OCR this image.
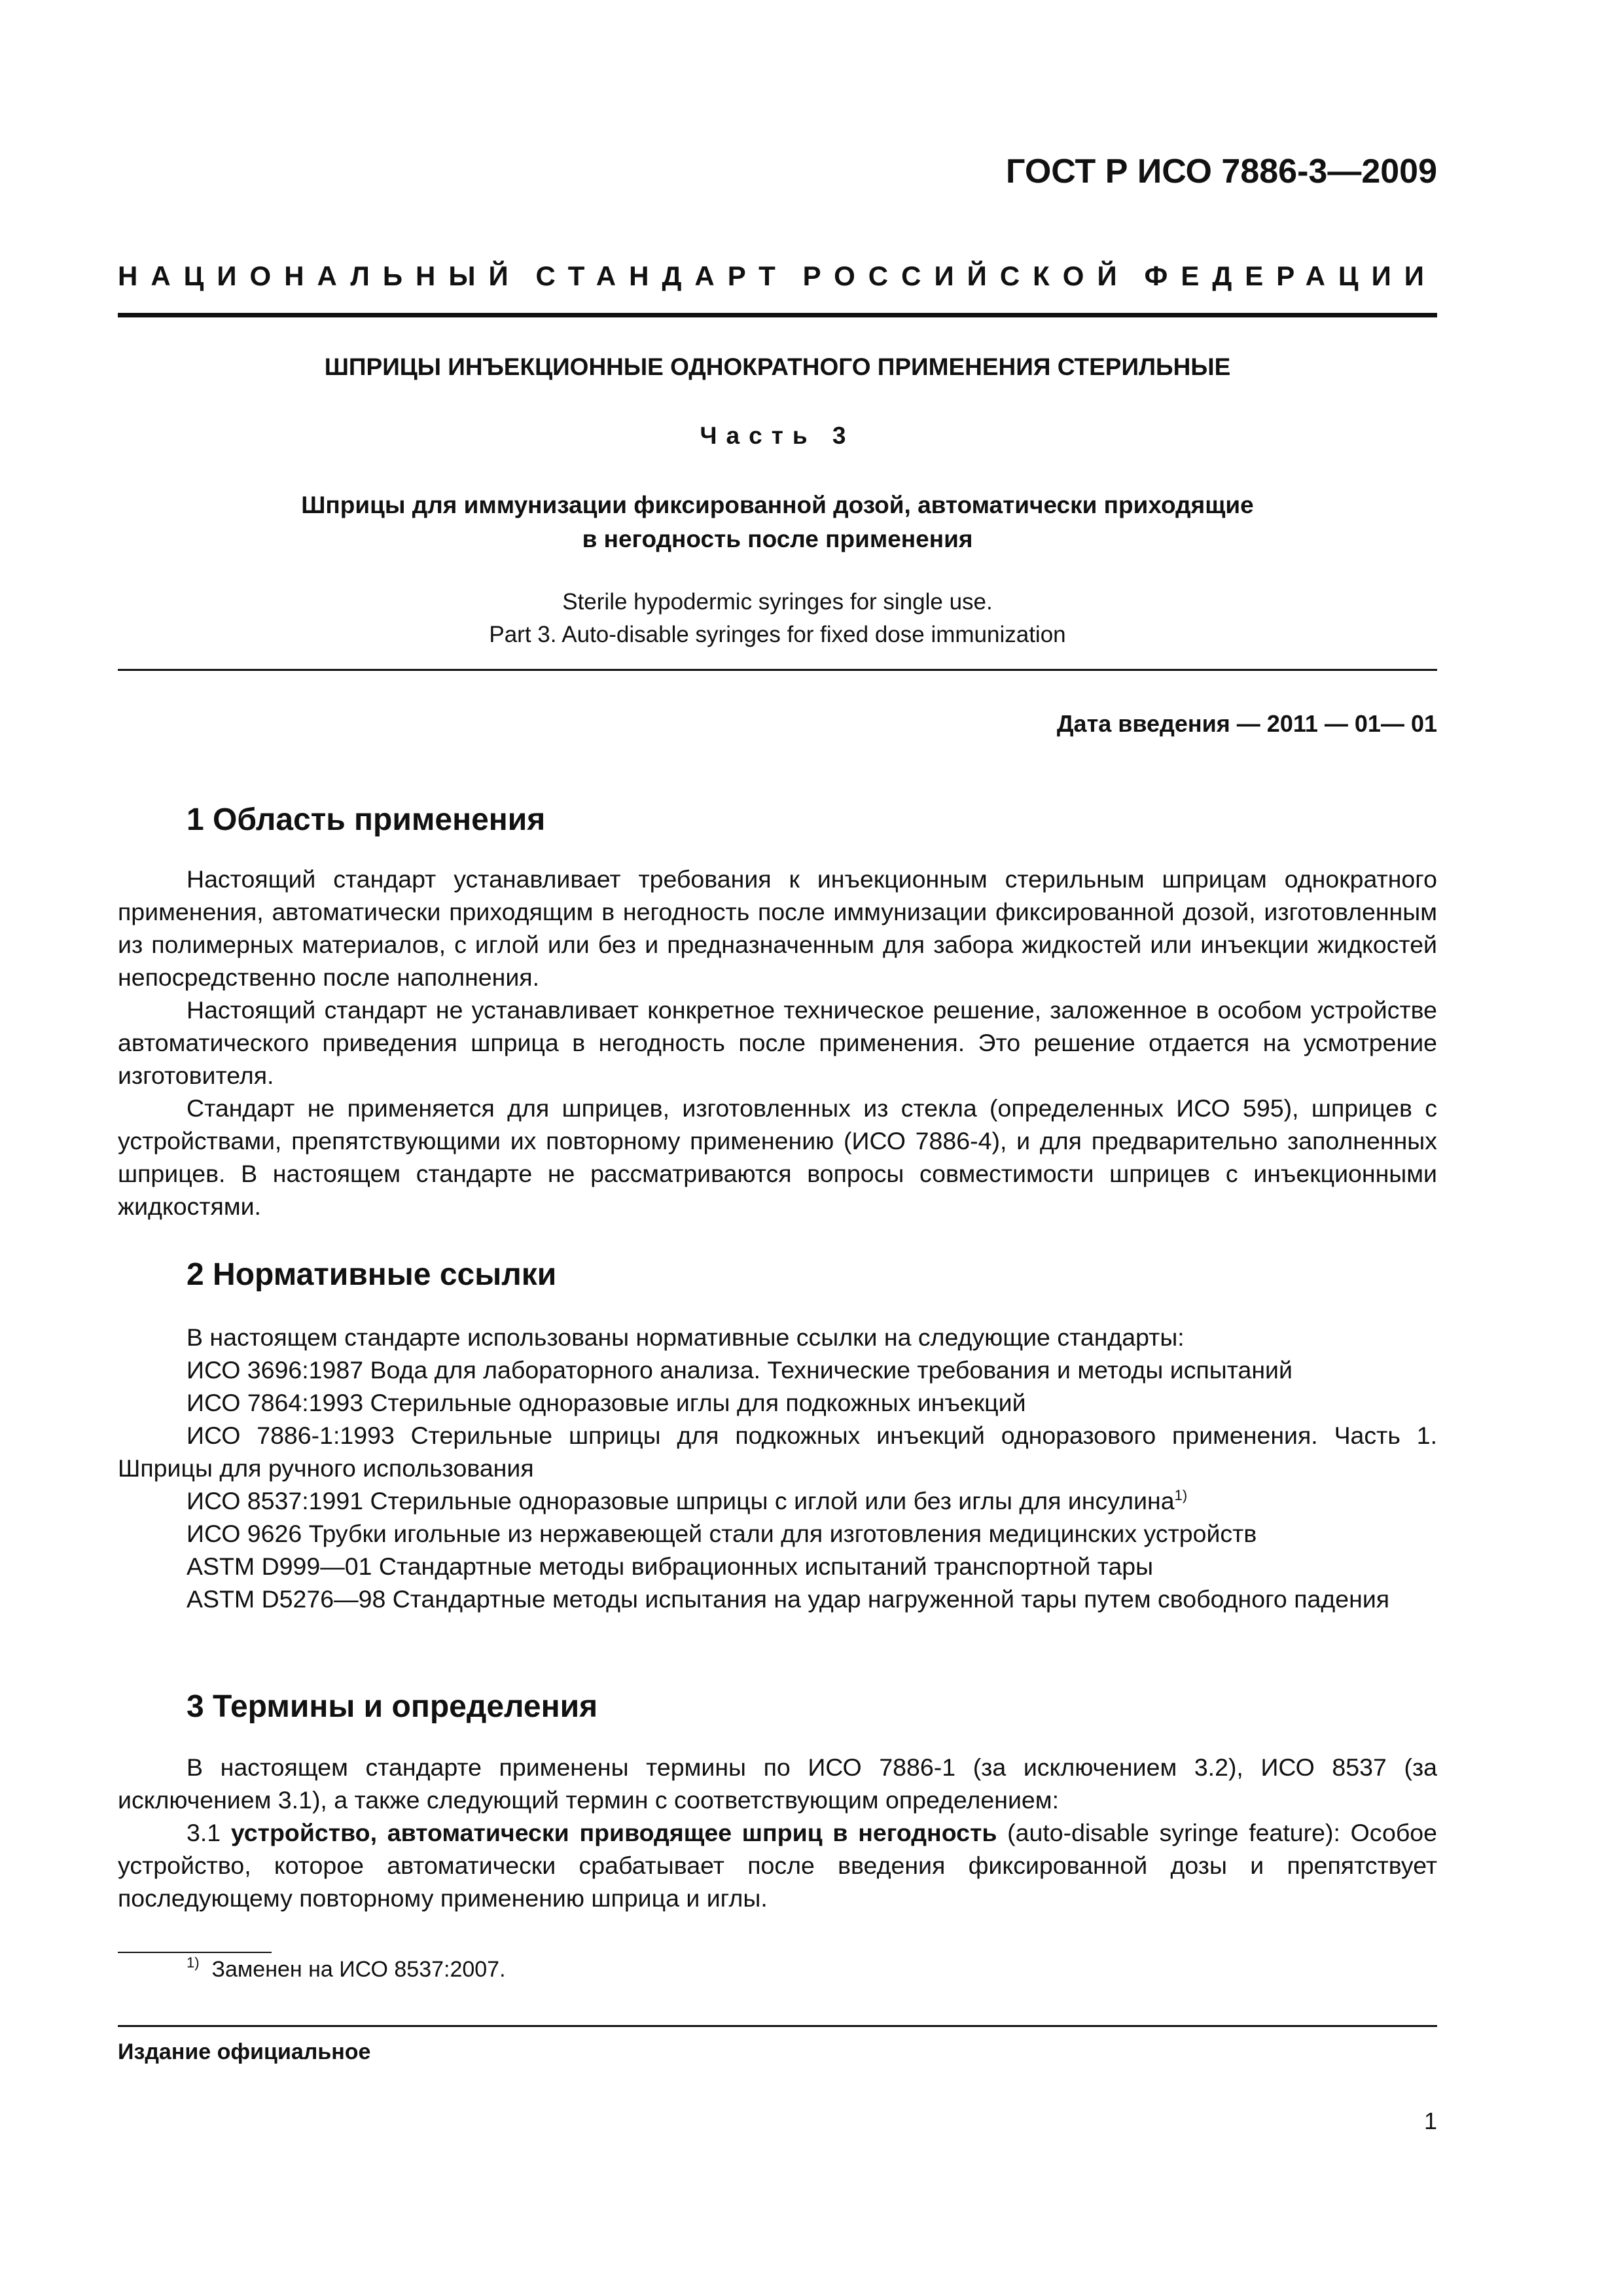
ГОСТ Р ИСО 7886-3—2009
НАЦИОНАЛЬНЫЙ СТАНДАРТ РОССИЙСКОЙ ФЕДЕРАЦИИ
ШПРИЦЫ ИНЪЕКЦИОННЫЕ ОДНОКРАТНОГО ПРИМЕНЕНИЯ СТЕРИЛЬНЫЕ
Часть 3
Шприцы для иммунизации фиксированной дозой, автоматически приходящие
в негодность после применения
Sterile hypodermic syringes for single use.
Part 3. Auto-disable syringes for fixed dose immunization
Дата введения — 2011 — 01— 01
1 Область применения

Настоящий стандарт устанавливает требования к инъекционным стерильным шприцам однократного применения, автоматически приходящим в негодность после иммунизации фиксированной дозой, изготовленным из полимерных материалов, с иглой или без и предназначенным для забора жидкостей или инъекции жидкостей непосредственно после наполнения.

Настоящий стандарт не устанавливает конкретное техническое решение, заложенное в особом устройстве автоматического приведения шприца в негодность после применения. Это решение отдается на усмотрение изготовителя.

Стандарт не применяется для шприцев, изготовленных из стекла (определенных ИСО 595), шприцев с устройствами, препятствующими их повторному применению (ИСО 7886-4), и для предварительно заполненных шприцев. В настоящем стандарте не рассматриваются вопросы совместимости шприцев с инъекционными жидкостями.

2 Нормативные ссылки

В настоящем стандарте использованы нормативные ссылки на следующие стандарты:

ИСО 3696:1987 Вода для лабораторного анализа. Технические требования и методы испытаний

ИСО 7864:1993 Стерильные одноразовые иглы для подкожных инъекций

ИСО 7886-1:1993 Стерильные шприцы для подкожных инъекций одноразового применения. Часть 1. Шприцы для ручного использования

ИСО 8537:1991 Стерильные одноразовые шприцы с иглой или без иглы для инсулина$^{1)}$

ИСО 9626 Трубки игольные из нержавеющей стали для изготовления медицинских устройств

ASTM D999—01 Стандартные методы вибрационных испытаний транспортной тары

ASTM D5276—98 Стандартные методы испытания на удар нагруженной тары путем свободного падения

3 Термины и определения

В настоящем стандарте применены термины по ИСО 7886-1 (за исключением 3.2), ИСО 8537 (за исключением 3.1), а также следующий термин с соответствующим определением:

3.1 устройство, автоматически приводящее шприц в негодность (auto-disable syringe feature): Особое устройство, которое автоматически срабатывает после введения фиксированной дозы и препятствует последующему повторному применению шприца и иглы.

$^{1)}$ Заменен на ИСО 8537:2007.
Издание официальное
1
